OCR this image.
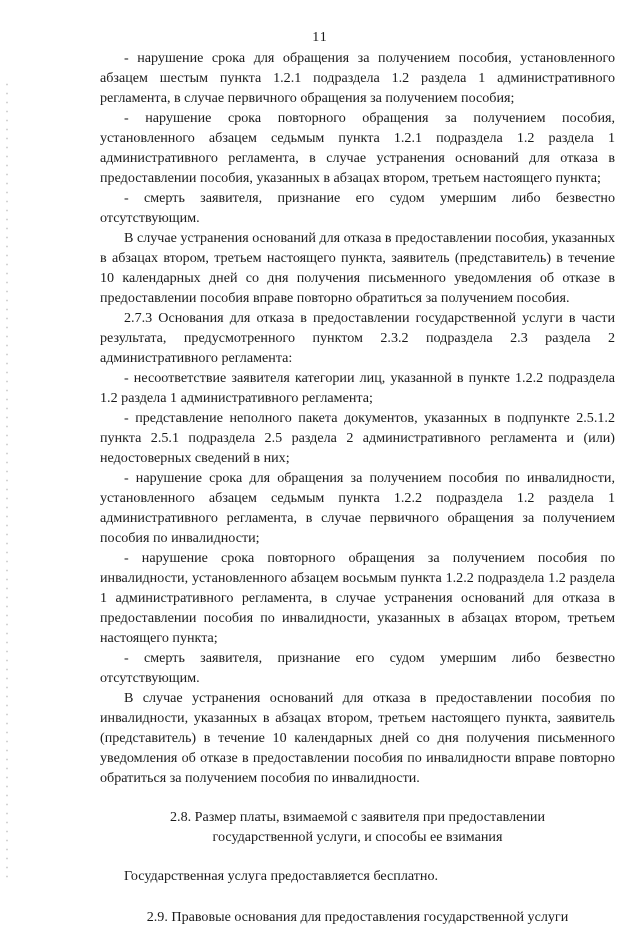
11

- нарушение срока для обращения за получением пособия, установленного абзацем шестым пункта 1.2.1 подраздела 1.2 раздела 1 административного регламента, в случае первичного обращения за получением пособия;

- нарушение срока повторного обращения за получением пособия, установленного абзацем седьмым пункта 1.2.1 подраздела 1.2 раздела 1 административного регламента, в случае устранения оснований для отказа в предоставлении пособия, указанных в абзацах втором, третьем настоящего пункта;

- смерть заявителя, признание его судом умершим либо безвестно отсутствующим.

В случае устранения оснований для отказа в предоставлении пособия, указанных в абзацах втором, третьем настоящего пункта, заявитель (представитель) в течение 10 календарных дней со дня получения письменного уведомления об отказе в предоставлении пособия вправе повторно обратиться за получением пособия.

2.7.3 Основания для отказа в предоставлении государственной услуги в части результата, предусмотренного пунктом 2.3.2 подраздела 2.3 раздела 2 административного регламента:

- несоответствие заявителя категории лиц, указанной в пункте 1.2.2 подраздела 1.2 раздела 1 административного регламента;

- представление неполного пакета документов, указанных в подпункте 2.5.1.2 пункта 2.5.1 подраздела 2.5 раздела 2 административного регламента и (или) недостоверных сведений в них;

- нарушение срока для обращения за получением пособия по инвалидности, установленного абзацем седьмым пункта 1.2.2 подраздела 1.2 раздела 1 административного регламента, в случае первичного обращения за получением пособия по инвалидности;

- нарушение срока повторного обращения за получением пособия по инвалидности, установленного абзацем восьмым пункта 1.2.2 подраздела 1.2 раздела 1 административного регламента, в случае устранения оснований для отказа в предоставлении пособия по инвалидности, указанных в абзацах втором, третьем настоящего пункта;

- смерть заявителя, признание его судом умершим либо безвестно отсутствующим.

В случае устранения оснований для отказа в предоставлении пособия по инвалидности, указанных в абзацах втором, третьем настоящего пункта, заявитель (представитель) в течение 10 календарных дней со дня получения письменного уведомления об отказе в предоставлении пособия по инвалидности вправе повторно обратиться за получением пособия по инвалидности.

2.8. Размер платы, взимаемой с заявителя при предоставлении
государственной услуги, и способы ее взимания

Государственная услуга предоставляется бесплатно.

2.9. Правовые основания для предоставления государственной услуги
